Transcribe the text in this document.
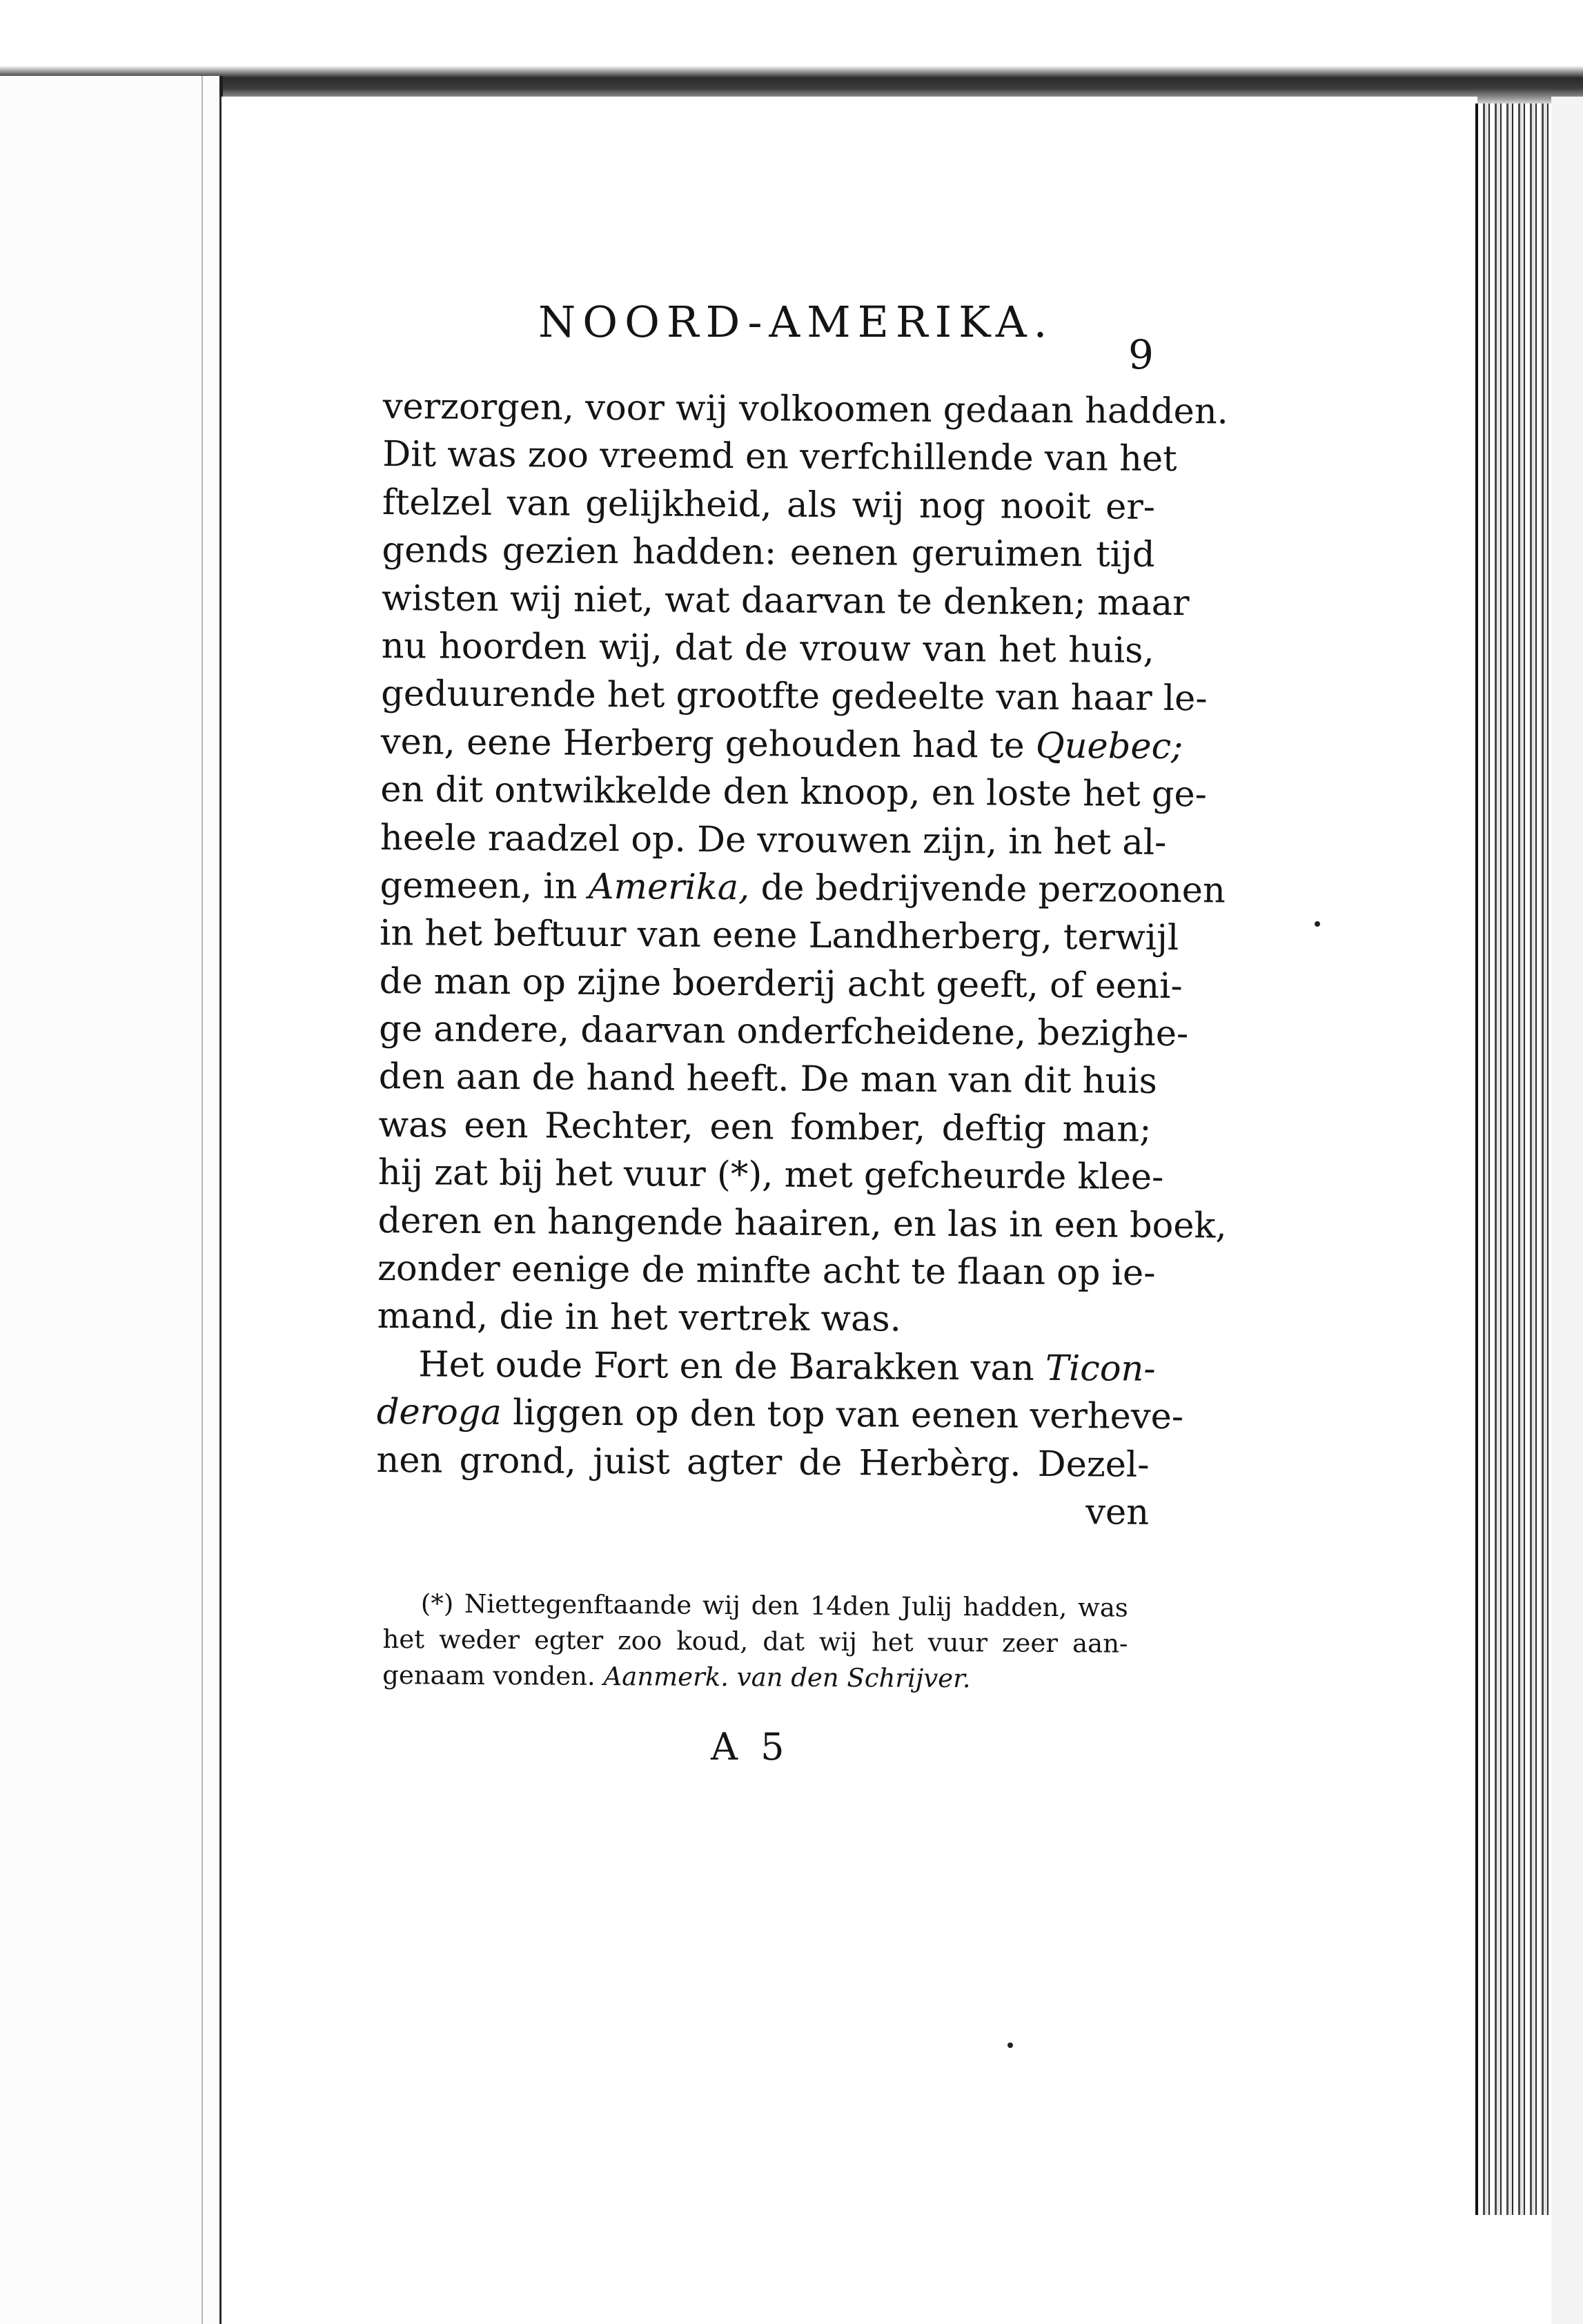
NOORD-AMERIKA.
9
verzorgen, voor wij volkoomen gedaan hadden.
Dit was zoo vreemd en verfchillende van het
ftelzel van gelijkheid, als wij nog nooit er-
gends gezien hadden: eenen geruimen tijd
wisten wij niet, wat daarvan te denken; maar
nu hoorden wij, dat de vrouw van het huis,
geduurende het grootfte gedeelte van haar le-
ven, eene Herberg gehouden had te Quebec;
en dit ontwikkelde den knoop, en loste het ge-
heele raadzel op. De vrouwen zijn, in het al-
gemeen, in Amerika, de bedrijvende perzoonen
in het beftuur van eene Landherberg, terwijl
de man op zijne boerderij acht geeft, of eeni-
ge andere, daarvan onderfcheidene, bezighe-
den aan de hand heeft. De man van dit huis
was een Rechter, een fomber, deftig man;
hij zat bij het vuur (*), met gefcheurde klee-
deren en hangende haairen, en las in een boek,
zonder eenige de minfte acht te flaan op ie-
mand, die in het vertrek was.
Het oude Fort en de Barakken van Ticon-
deroga liggen op den top van eenen verheve-
nen grond, juist agter de Herbèrg. Dezel-
ven
(*) Niettegenftaande wij den 14den Julij hadden, was
het weder egter zoo koud, dat wij het vuur zeer aan-
genaam vonden. Aanmerk. van den Schrijver.
A 5
